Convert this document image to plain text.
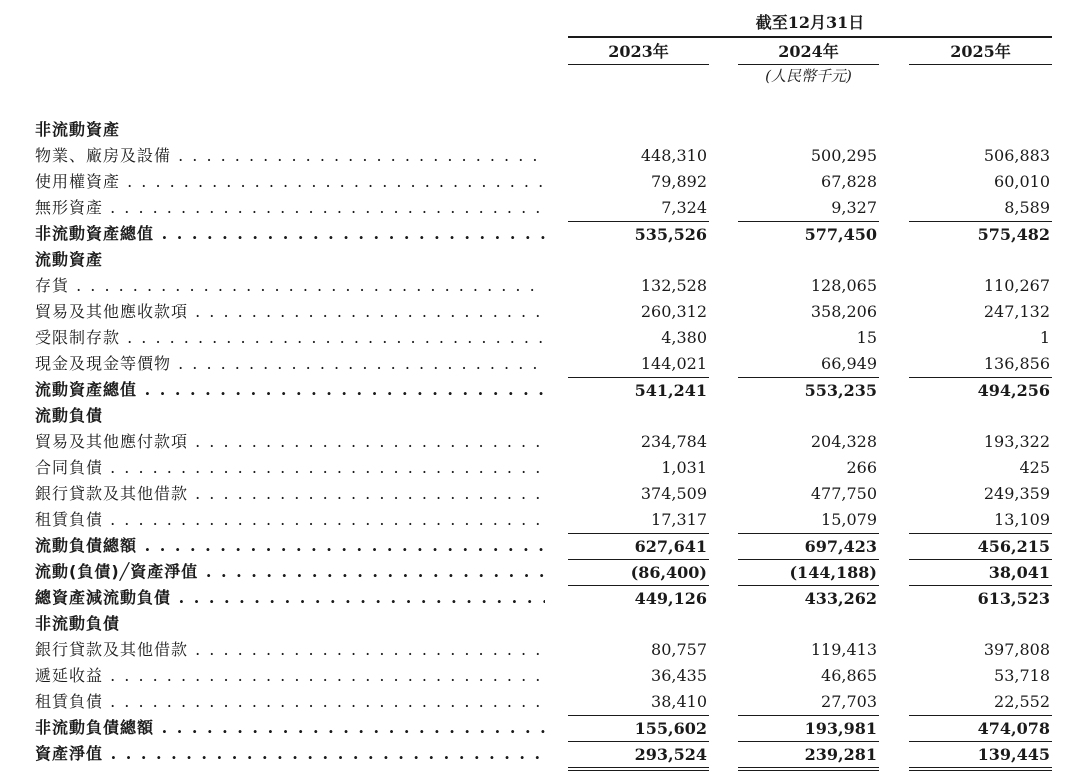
截至12月31日
2023年	2024年	2025年
(人民幣千元)
非流動資產
物業、廠房及設備 . . .	448,310	500,295	506,883
使用權資產 . . .	79,892	67,828	60,010
無形資產 . . .	7,324	9,327	8,589
非流動資產總值 . . .	535,526	577,450	575,482
流動資產
存貨 . . .	132,528	128,065	110,267
貿易及其他應收款項 . . .	260,312	358,206	247,132
受限制存款 . . .	4,380	15	1
現金及現金等價物 . . .	144,021	66,949	136,856
流動資產總值 . . .	541,241	553,235	494,256
流動負債
貿易及其他應付款項 . . .	234,784	204,328	193,322
合同負債 . . .	1,031	266	425
銀行貸款及其他借款 . . .	374,509	477,750	249,359
租賃負債 . . .	17,317	15,079	13,109
流動負債總額 . . .	627,641	697,423	456,215
流動(負債)╱資產淨值 . . .	(86,400)	(144,188)	38,041
總資產減流動負債 . . .	449,126	433,262	613,523
非流動負債
銀行貸款及其他借款 . . .	80,757	119,413	397,808
遞延收益 . . .	36,435	46,865	53,718
租賃負債 . . .	38,410	27,703	22,552
非流動負債總額 . . .	155,602	193,981	474,078
資產淨值 . . .	293,524	239,281	139,445
